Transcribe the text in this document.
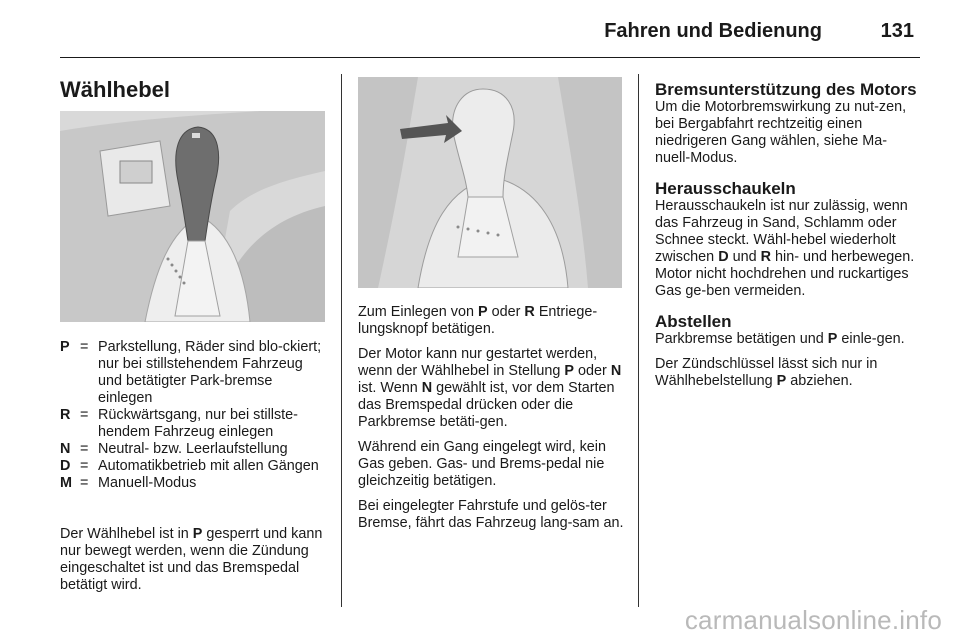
Fahren und Bedienung	131
Wählhebel
P = Parkstellung, Räder sind blo-ckiert; nur bei stillstehendem Fahrzeug und betätigter Park-bremse einlegen
R = Rückwärtsgang, nur bei stillste-hendem Fahrzeug einlegen
N = Neutral- bzw. Leerlaufstellung
D = Automatikbetrieb mit allen Gängen
M = Manuell-Modus

Der Wählhebel ist in P gesperrt und kann nur bewegt werden, wenn die Zündung eingeschaltet ist und das Bremspedal betätigt wird.

Zum Einlegen von P oder R Entriege-lungsknopf betätigen.

Der Motor kann nur gestartet werden, wenn der Wählhebel in Stellung P oder N ist. Wenn N gewählt ist, vor dem Starten das Bremspedal drücken oder die Parkbremse betäti-gen.

Während ein Gang eingelegt wird, kein Gas geben. Gas- und Brems-pedal nie gleichzeitig betätigen.

Bei eingelegter Fahrstufe und gelös-ter Bremse, fährt das Fahrzeug lang-sam an.

Bremsunterstützung des Motors

Um die Motorbremswirkung zu nut-zen, bei Bergabfahrt rechtzeitig einen niedrigeren Gang wählen, siehe Ma-nuell-Modus.

Herausschaukeln

Herausschaukeln ist nur zulässig, wenn das Fahrzeug in Sand, Schlamm oder Schnee steckt. Wähl-hebel wiederholt zwischen D und R hin- und herbewegen. Motor nicht hochdrehen und ruckartiges Gas ge-ben vermeiden.

Abstellen

Parkbremse betätigen und P einle-gen.

Der Zündschlüssel lässt sich nur in Wählhebelstellung P abziehen.

carmanualsonline.info
